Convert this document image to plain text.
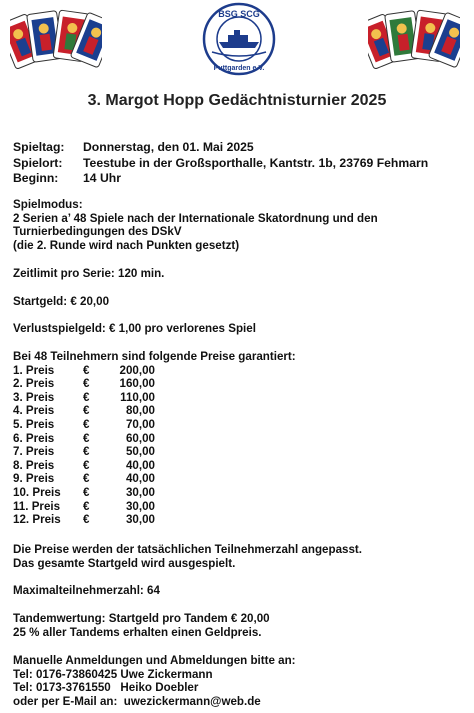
BSG SCG
Puttgarden e.V.
3. Margot Hopp Gedächtnisturnier 2025
Spieltag:	Donnerstag, den 01. Mai 2025
Spielort:	Teestube in der Großsporthalle, Kantstr. 1b, 23769 Fehmarn
Beginn:	14 Uhr
Spielmodus:
2 Serien a’ 48 Spiele nach der Internationale Skatordnung und den
Turnierbedingungen des DSkV
(die 2. Runde wird nach Punkten gesetzt)
Zeitlimit pro Serie: 120 min.
Startgeld: € 20,00
Verlustspielgeld: € 1,00 pro verlorenes Spiel
Bei 48 Teilnehmern sind folgende Preise garantiert:
1. Preis	€	200,00
2. Preis	€	160,00
3. Preis	€	110,00
4. Preis	€	80,00
5. Preis	€	70,00
6. Preis	€	60,00
7. Preis	€	50,00
8. Preis	€	40,00
9. Preis	€	40,00
10. Preis	€	30,00
11. Preis	€	30,00
12. Preis	€	30,00
Die Preise werden der tatsächlichen Teilnehmerzahl angepasst.
Das gesamte Startgeld wird ausgespielt.
Maximalteilnehmerzahl: 64
Tandemwertung: Startgeld pro Tandem € 20,00
25 % aller Tandems erhalten einen Geldpreis.
Manuelle Anmeldungen und Abmeldungen bitte an:
Tel: 0176-73860425 Uwe Zickermann
Tel: 0173-3761550   Heiko Doebler
oder per E-Mail an:  uwezickermann@web.de
